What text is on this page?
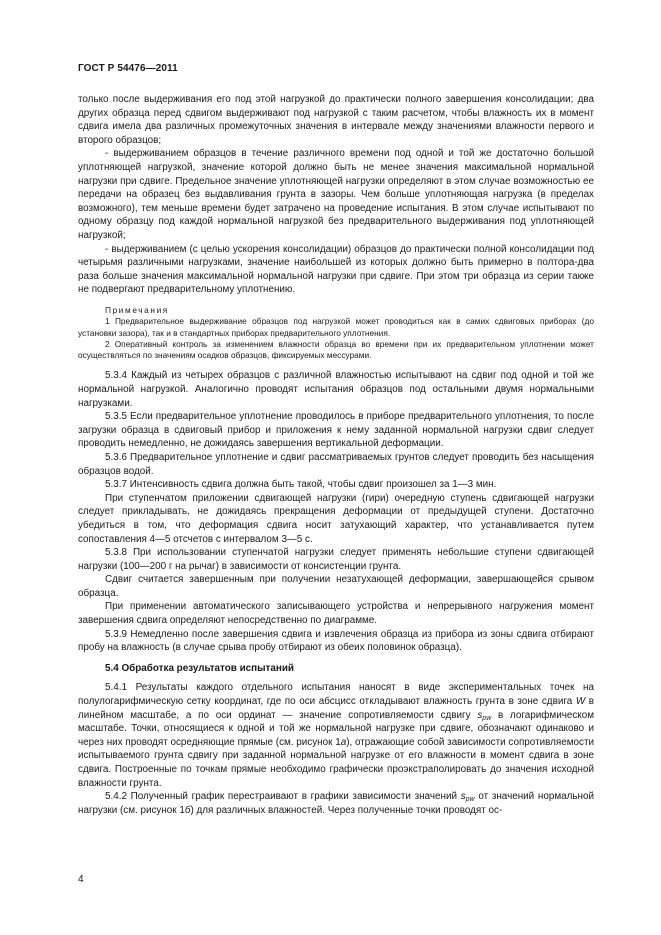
ГОСТ Р 54476—2011

только после выдерживания его под этой нагрузкой до практически полного завершения консолидации; два других образца перед сдвигом выдерживают под нагрузкой с таким расчетом, чтобы влажность их в момент сдвига имела два различных промежуточных значения в интервале между значениями влажности первого и второго образцов;

- выдерживанием образцов в течение различного времени под одной и той же достаточно большой уплотняющей нагрузкой, значение которой должно быть не менее значения максимальной нормальной нагрузки при сдвиге. Предельное значение уплотняющей нагрузки определяют в этом случае возможностью ее передачи на образец без выдавливания грунта в зазоры. Чем больше уплотняющая нагрузка (в пределах возможного), тем меньше времени будет затрачено на проведение испытания. В этом случае испытывают по одному образцу под каждой нормальной нагрузкой без предварительного выдерживания под уплотняющей нагрузкой;

- выдерживанием (с целью ускорения консолидации) образцов до практически полной консолидации под четырьмя различными нагрузками, значение наибольшей из которых должно быть примерно в полтора-два раза больше значения максимальной нормальной нагрузки при сдвиге. При этом три образца из серии также не подвергают предварительному уплотнению.

Примечания

1 Предварительное выдерживание образцов под нагрузкой может проводиться как в самих сдвиговых приборах (до установки зазора), так и в стандартных приборах предварительного уплотнения.

2 Оперативный контроль за изменением влажности образца во времени при их предварительном уплотнении может осуществляться по значениям осадков образцов, фиксируемых мессурами.

5.3.4 Каждый из четырех образцов с различной влажностью испытывают на сдвиг под одной и той же нормальной нагрузкой. Аналогично проводят испытания образцов под остальными двумя нормальными нагрузками.

5.3.5 Если предварительное уплотнение проводилось в приборе предварительного уплотнения, то после загрузки образца в сдвиговый прибор и приложения к нему заданной нормальной нагрузки сдвиг следует проводить немедленно, не дожидаясь завершения вертикальной деформации.

5.3.6 Предварительное уплотнение и сдвиг рассматриваемых грунтов следует проводить без насыщения образцов водой.

5.3.7 Интенсивность сдвига должна быть такой, чтобы сдвиг произошел за 1—3 мин.

При ступенчатом приложении сдвигающей нагрузки (гири) очередную ступень сдвигающей нагрузки следует прикладывать, не дожидаясь прекращения деформации от предыдущей ступени. Достаточно убедиться в том, что деформация сдвига носит затухающий характер, что устанавливается путем сопоставления 4—5 отсчетов с интервалом 3—5 с.

5.3.8 При использовании ступенчатой нагрузки следует применять небольшие ступени сдвигающей нагрузки (100—200 г на рычаг) в зависимости от консистенции грунта.

Сдвиг считается завершенным при получении незатухающей деформации, завершающейся срывом образца.

При применении автоматического записывающего устройства и непрерывного нагружения момент завершения сдвига определяют непосредственно по диаграмме.

5.3.9 Немедленно после завершения сдвига и извлечения образца из прибора из зоны сдвига отбирают пробу на влажность (в случае срыва пробу отбирают из обеих половинок образца).

5.4 Обработка результатов испытаний

5.4.1 Результаты каждого отдельного испытания наносят в виде экспериментальных точек на полулогарифмическую сетку координат, где по оси абсцисс откладывают влажность грунта в зоне сдвига W в линейном масштабе, а по оси ординат — значение сопротивляемости сдвигу $s_{pw}$ в логарифмическом масштабе. Точки, относящиеся к одной и той же нормальной нагрузке при сдвиге, обозначают одинаково и через них проводят осредняющие прямые (см. рисунок 1а), отражающие собой зависимости сопротивляемости испытываемого грунта сдвигу при заданной нормальной нагрузке от его влажности в момент сдвига в зоне сдвига. Построенные по точкам прямые необходимо графически проэкстраполировать до значения исходной влажности грунта.

5.4.2 Полученный график перестраивают в графики зависимости значений $s_{pw}$ от значений нормальной нагрузки (см. рисунок 1б) для различных влажностей. Через полученные точки проводят ос-

4
